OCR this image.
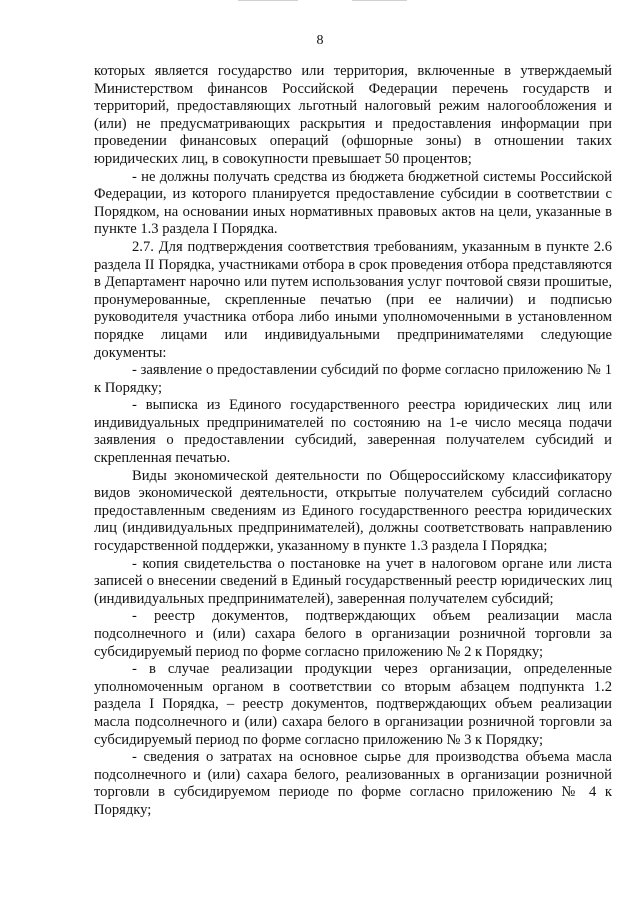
8

которых является государство или территория, включенные в утверждаемый Министерством финансов Российской Федерации перечень государств и территорий, предоставляющих льготный налоговый режим налогообложения и (или) не предусматривающих раскрытия и предоставления информации при проведении финансовых операций (офшорные зоны) в отношении таких юридических лиц, в совокупности превышает 50 процентов;

- не должны получать средства из бюджета бюджетной системы Российской Федерации, из которого планируется предоставление субсидии в соответствии с Порядком, на основании иных нормативных правовых актов на цели, указанные в пункте 1.3 раздела I Порядка.

2.7. Для подтверждения соответствия требованиям, указанным в пункте 2.6 раздела II Порядка, участниками отбора в срок проведения отбора представляются в Департамент нарочно или путем использования услуг почтовой связи прошитые, пронумерованные, скрепленные печатью (при ее наличии) и подписью руководителя участника отбора либо иными уполномоченными в установленном порядке лицами или индивидуальными предпринимателями следующие документы:

- заявление о предоставлении субсидий по форме согласно приложению № 1 к Порядку;

- выписка из Единого государственного реестра юридических лиц или индивидуальных предпринимателей по состоянию на 1-е число месяца подачи заявления о предоставлении субсидий, заверенная получателем субсидий и скрепленная печатью.

Виды экономической деятельности по Общероссийскому классификатору видов экономической деятельности, открытые получателем субсидий согласно предоставленным сведениям из Единого государственного реестра юридических лиц (индивидуальных предпринимателей), должны соответствовать направлению государственной поддержки, указанному в пункте 1.3 раздела I Порядка;

- копия свидетельства о постановке на учет в налоговом органе или листа записей о внесении сведений в Единый государственный реестр юридических лиц (индивидуальных предпринимателей), заверенная получателем субсидий;

- реестр документов, подтверждающих объем реализации масла подсолнечного и (или) сахара белого в организации розничной торговли за субсидируемый период по форме согласно приложению № 2 к Порядку;

- в случае реализации продукции через организации, определенные уполномоченным органом в соответствии со вторым абзацем подпункта 1.2 раздела I Порядка, – реестр документов, подтверждающих объем реализации масла подсолнечного и (или) сахара белого в организации розничной торговли за субсидируемый период по форме согласно приложению № 3 к Порядку;

- сведения о затратах на основное сырье для производства объема масла подсолнечного и (или) сахара белого, реализованных в организации розничной торговли в субсидируемом периоде по форме согласно приложению № 4 к Порядку;
